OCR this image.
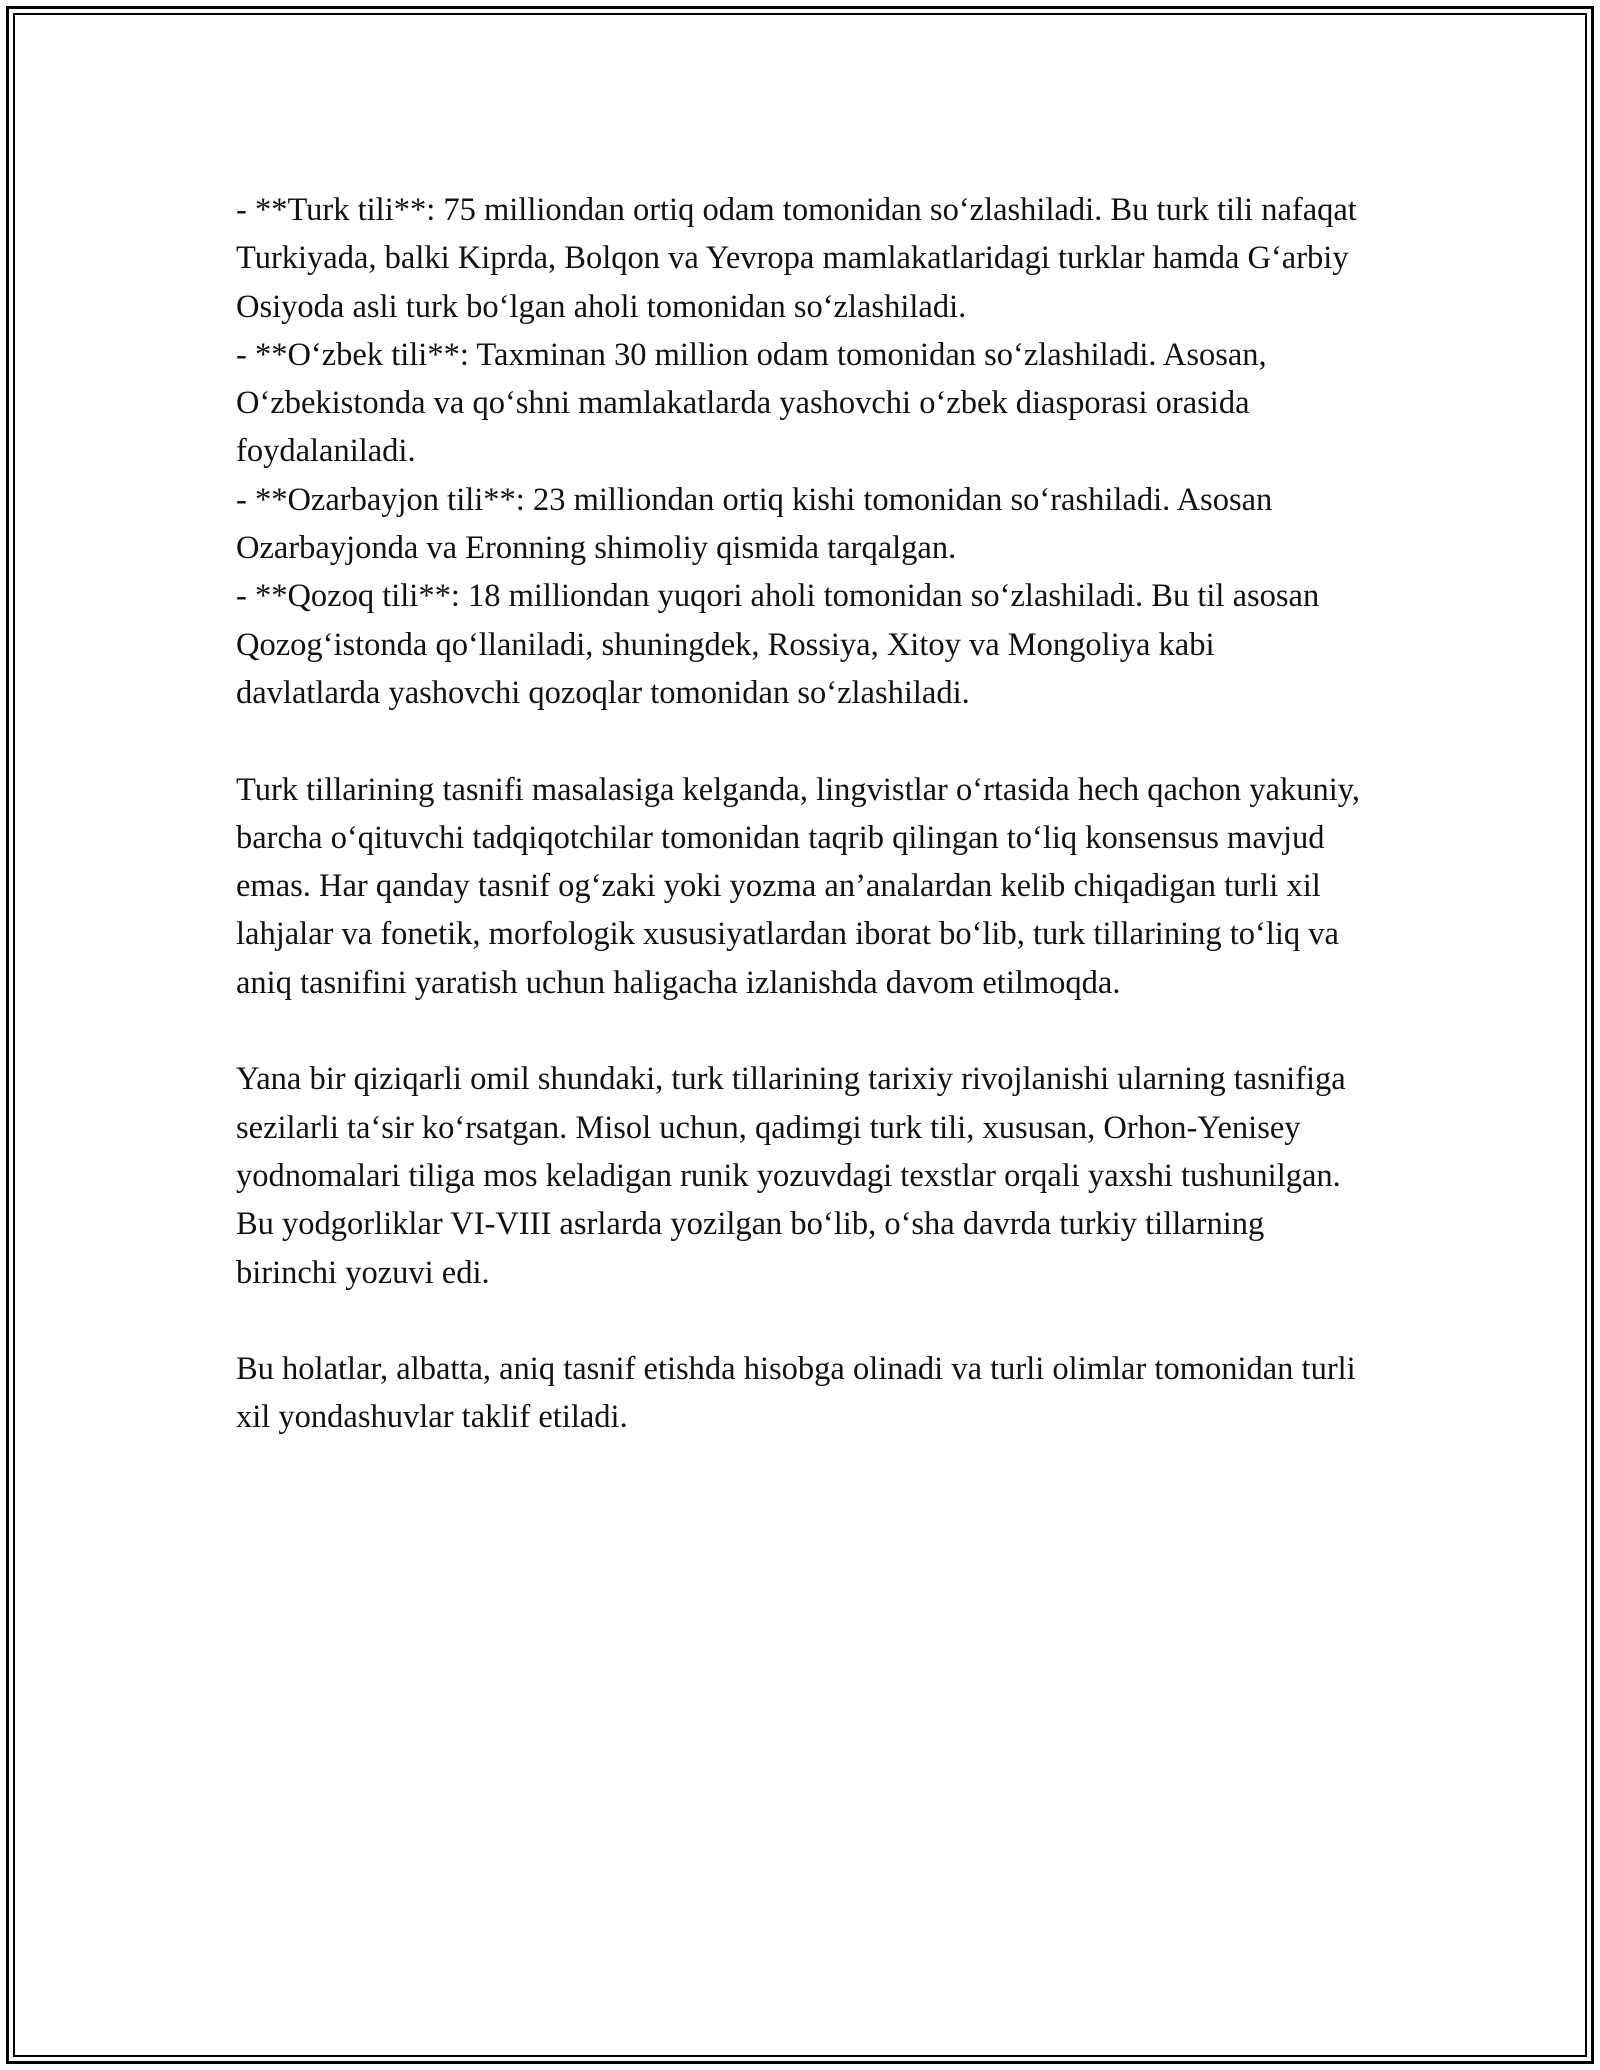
- **Turk tili**: 75 milliondan ortiq odam tomonidan so‘zlashiladi. Bu turk tili nafaqat Turkiyada, balki Kiprda, Bolqon va Yevropa mamlakatlaridagi turklar hamda G‘arbiy Osiyoda asli turk bo‘lgan aholi tomonidan so‘zlashiladi.

- **O‘zbek tili**: Taxminan 30 million odam tomonidan so‘zlashiladi. Asosan, O‘zbekistonda va qo‘shni mamlakatlarda yashovchi o‘zbek diasporasi orasida foydalaniladi.

- **Ozarbayjon tili**: 23 milliondan ortiq kishi tomonidan so‘rashiladi. Asosan Ozarbayjonda va Eronning shimoliy qismida tarqalgan.

- **Qozoq tili**: 18 milliondan yuqori aholi tomonidan so‘zlashiladi. Bu til asosan Qozog‘istonda qo‘llaniladi, shuningdek, Rossiya, Xitoy va Mongoliya kabi davlatlarda yashovchi qozoqlar tomonidan so‘zlashiladi.

Turk tillarining tasnifi masalasiga kelganda, lingvistlar o‘rtasida hech qachon yakuniy, barcha o‘qituvchi tadqiqotchilar tomonidan taqrib qilingan to‘liq konsensus mavjud emas. Har qanday tasnif og‘zaki yoki yozma an’analardan kelib chiqadigan turli xil lahjalar va fonetik, morfologik xususiyatlardan iborat bo‘lib, turk tillarining to‘liq va aniq tasnifini yaratish uchun haligacha izlanishda davom etilmoqda.

Yana bir qiziqarli omil shundaki, turk tillarining tarixiy rivojlanishi ularning tasnifiga sezilarli ta‘sir ko‘rsatgan. Misol uchun, qadimgi turk tili, xususan, Orhon-Yenisey yodnomalari tiliga mos keladigan runik yozuvdagi texstlar orqali yaxshi tushunilgan. Bu yodgorliklar VI-VIII asrlarda yozilgan bo‘lib, o‘sha davrda turkiy tillarning birinchi yozuvi edi.

Bu holatlar, albatta, aniq tasnif etishda hisobga olinadi va turli olimlar tomonidan turli xil yondashuvlar taklif etiladi.
